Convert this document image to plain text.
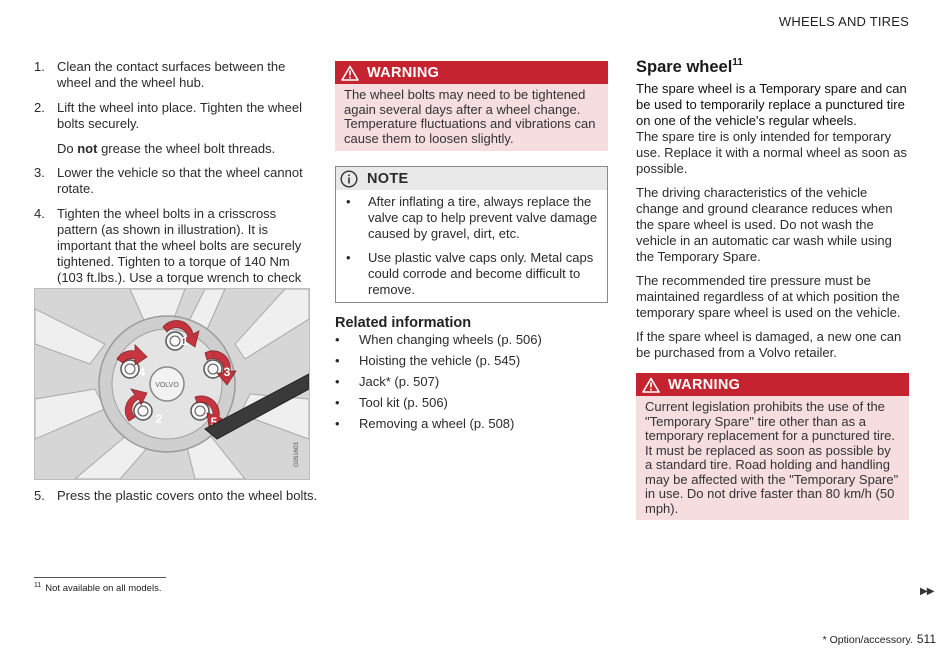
WHEELS AND TIRES
1. Clean the contact surfaces between the wheel and the wheel hub.
2. Lift the wheel into place. Tighten the wheel bolts securely.
Do not grease the wheel bolt threads.
3. Lower the vehicle so that the wheel cannot rotate.
4. Tighten the wheel bolts in a crisscross pattern (as shown in illustration). It is important that the wheel bolts are securely tightened. Tighten to a torque of 140 Nm (103 ft.lbs.). Use a torque wrench to check
VOLVO
1
2
3
4
5
G051603
5. Press the plastic covers onto the wheel bolts.
WARNING
The wheel bolts may need to be tightened again several days after a wheel change. Temperature fluctuations and vibrations can cause them to loosen slightly.
NOTE
• After inflating a tire, always replace the valve cap to help prevent valve damage caused by gravel, dirt, etc.
• Use plastic valve caps only. Metal caps could corrode and become difficult to remove.
Related information
• When changing wheels (p. 506)
• Hoisting the vehicle (p. 545)
• Jack* (p. 507)
• Tool kit (p. 506)
• Removing a wheel (p. 508)
Spare wheel$^{11}$

The spare wheel is a Temporary spare and can be used to temporarily replace a punctured tire on one of the vehicle's regular wheels.

The spare tire is only intended for temporary use. Replace it with a normal wheel as soon as possible.

The driving characteristics of the vehicle change and ground clearance reduces when the spare wheel is used. Do not wash the vehicle in an automatic car wash while using the Temporary Spare.

The recommended tire pressure must be maintained regardless of at which position the temporary spare wheel is used on the vehicle.

If the spare wheel is damaged, a new one can be purchased from a Volvo retailer.

WARNING
Current legislation prohibits the use of the "Temporary Spare" tire other than as a temporary replacement for a punctured tire. It must be replaced as soon as possible by a standard tire. Road holding and handling may be affected with the "Temporary Spare" in use. Do not drive faster than 80 km/h (50 mph).
$^{11}$ Not available on all models.	▶▶
* Option/accessory. 511
